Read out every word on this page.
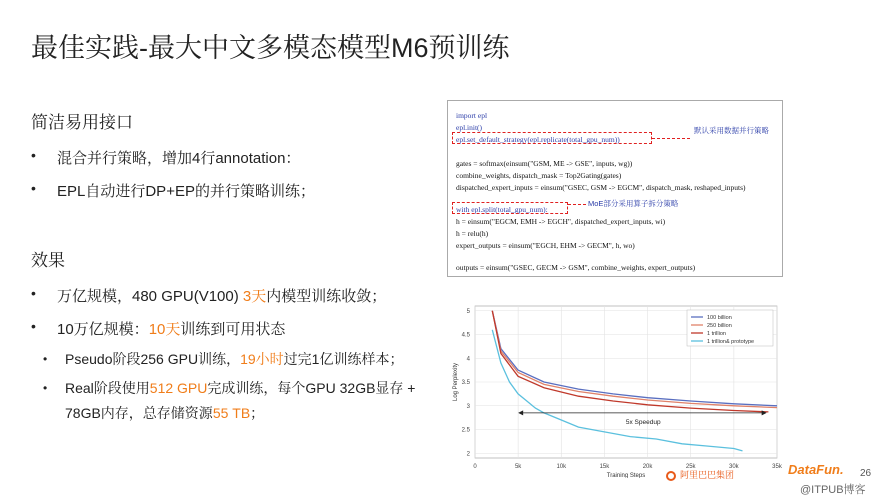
最佳实践-最大中文多模态模型M6预训练
简洁易用接口
• 混合并行策略，增加4行annotation：
• EPL自动进行DP+EP的并行策略训练；
效果
• 万亿规模，480 GPU(V100) 3天内模型训练收敛；
• 10万亿规模：10天训练到可用状态
• Pseudo阶段256 GPU训练，19小时过完1亿训练样本；
• Real阶段使用512 GPU完成训练，每个GPU 32GB显存 + 78GB内存，总存储资源55 TB；
import epl
epl.init()
epl.set_default_strategy(epl.replicate(total_gpu_num))
默认采用数据并行策略
gates = softmax(einsum("GSM, ME -> GSE", inputs, wg))
combine_weights, dispatch_mask = Top2Gating(gates)
dispatched_expert_inputs = einsum("GSEC, GSM -> EGCM", dispatch_mask, reshaped_inputs)
with epl.split(total_gpu_num):
MoE部分采用算子拆分策略
h = einsum("EGCM, EMH -> EGCH", dispatched_expert_inputs, wi)
h = relu(h)
expert_outputs = einsum("EGCH, EHM -> GECM", h, wo)
outputs = einsum("GSEC, GECM -> GSM", combine_weights, expert_outputs)
0	5k	10k	15k	20k	25k	30k	35k
2
2.5
3
3.5
4
4.5
5
Training Steps
Log Perplexity
5x Speedup
100 billion
250 billion
1 trillion
1 trillion& prototype
阿里巴巴集团	DataFun. 26
@ITPUB博客
